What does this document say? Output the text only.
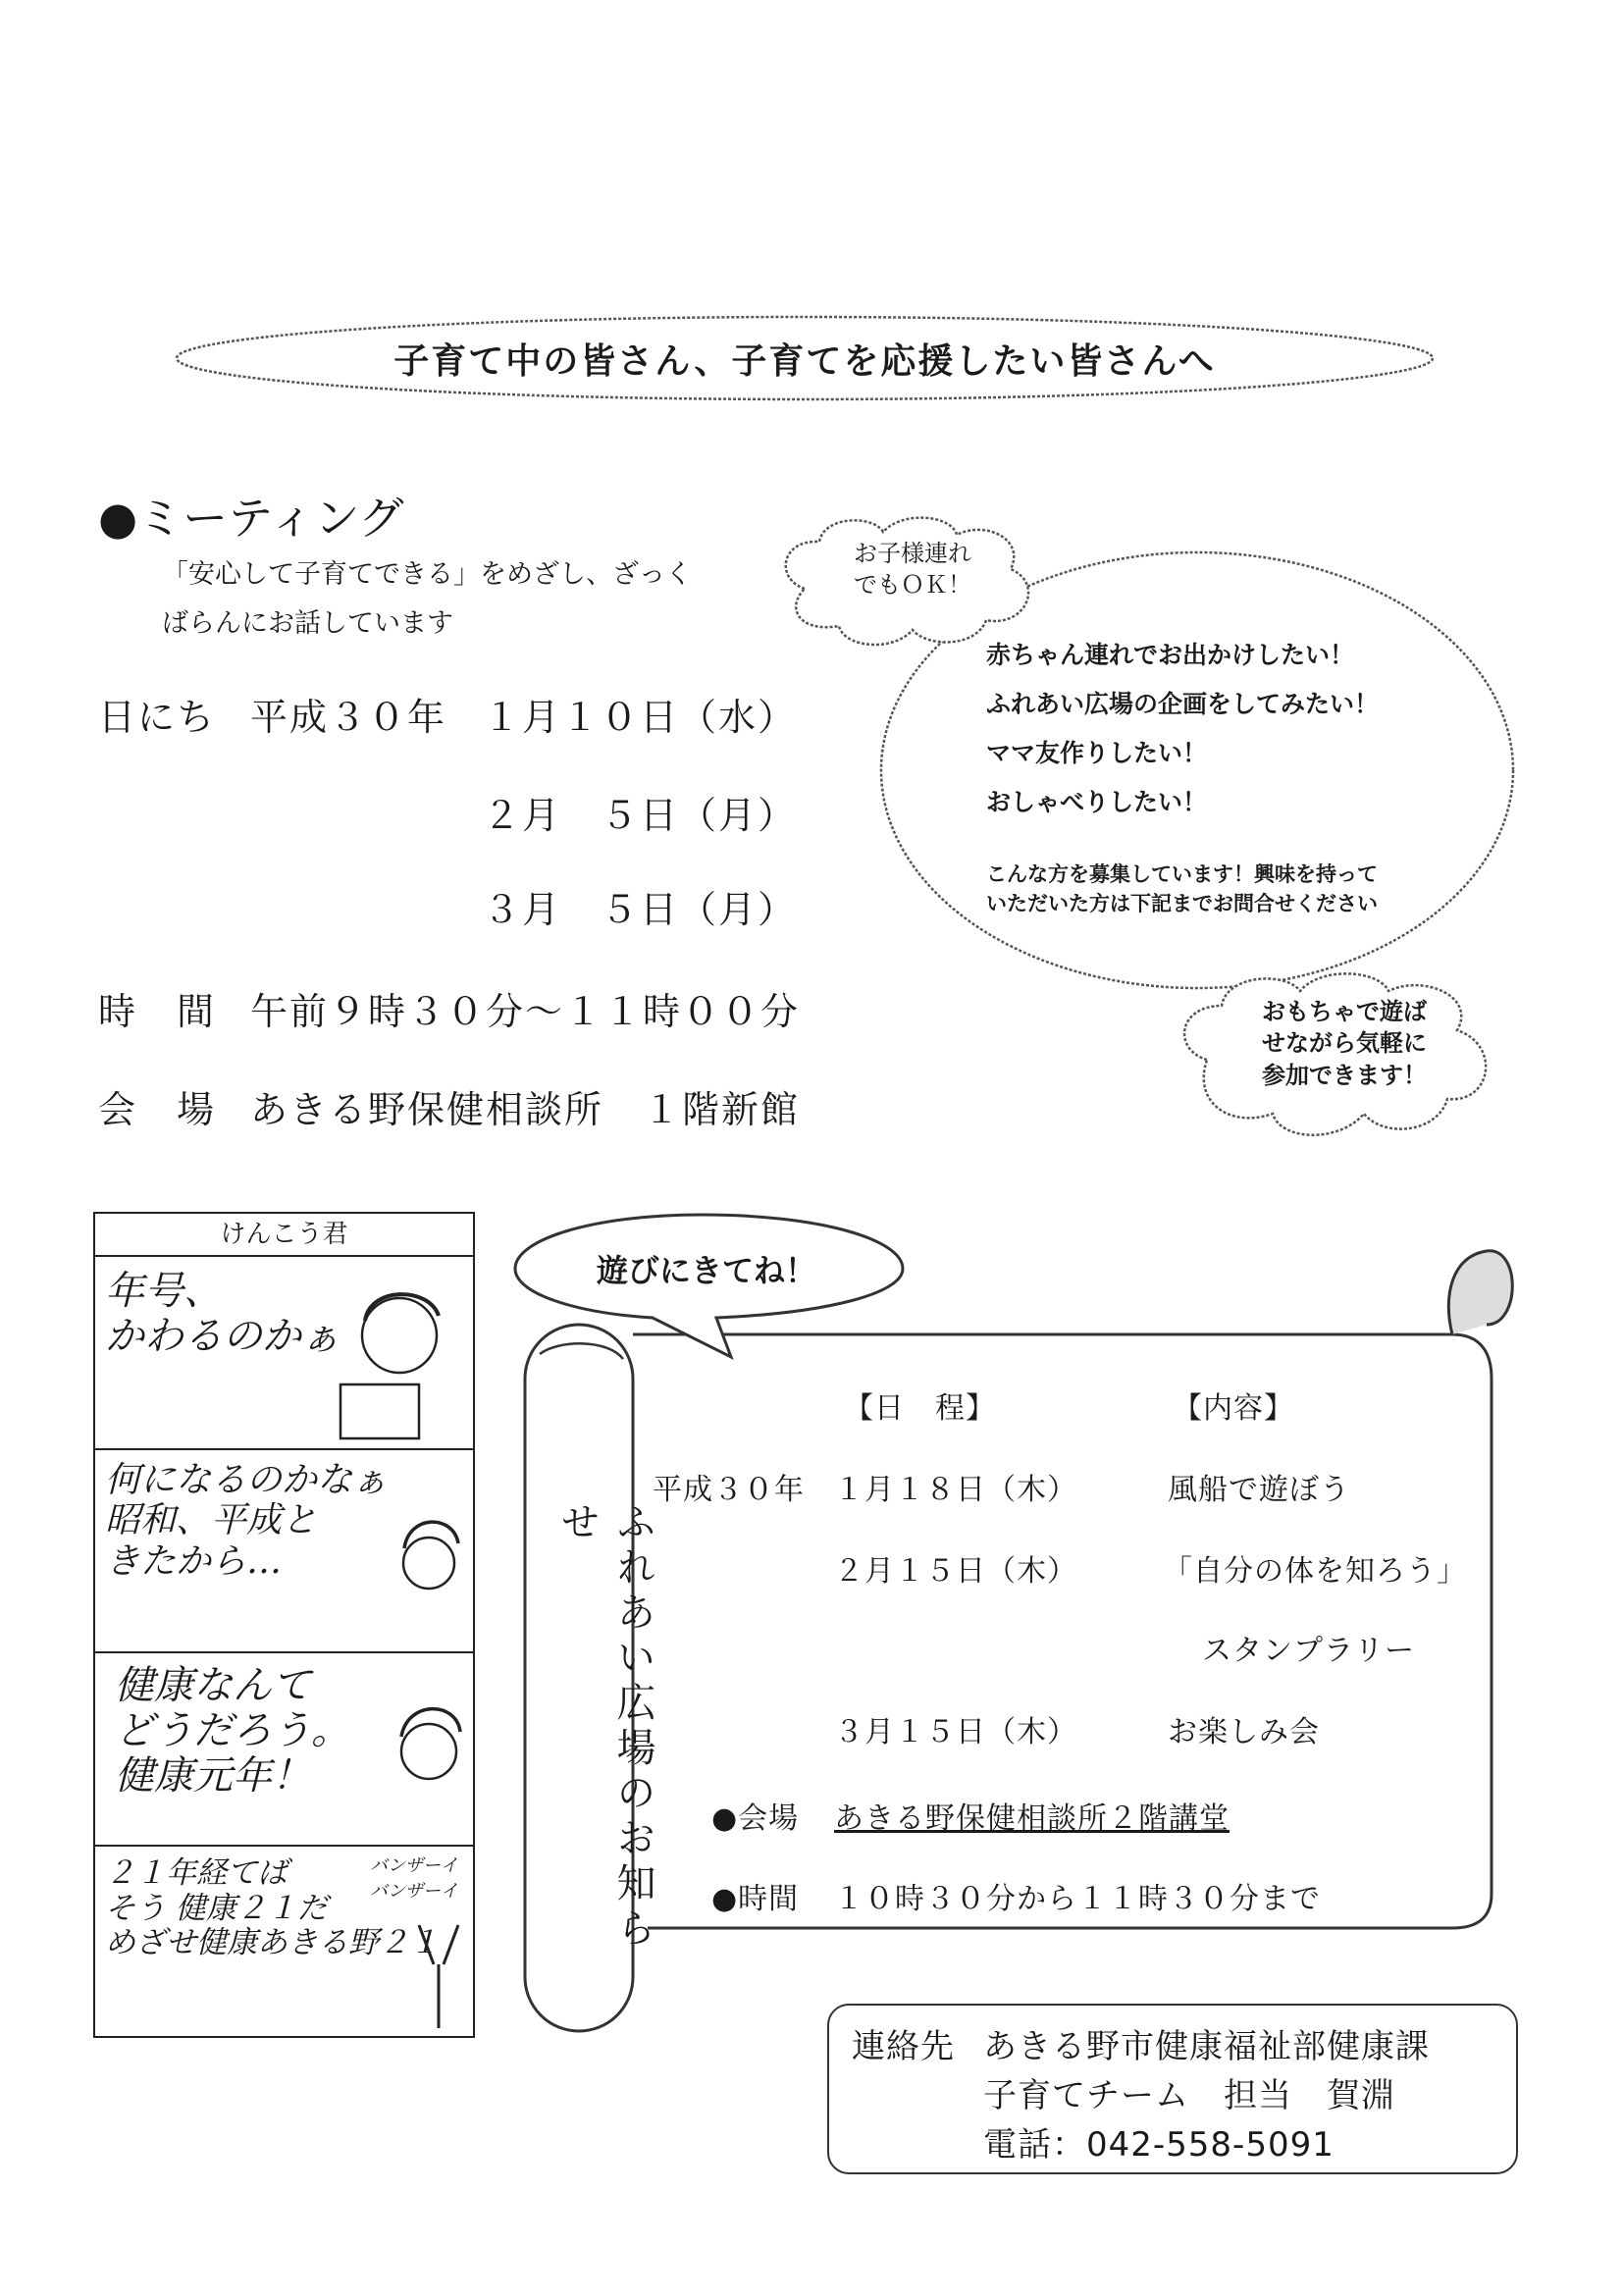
子育て中の皆さん、子育てを応援したい皆さんへ
●ミーティング
「安心して子育てできる」をめざし、ざっく
ばらんにお話しています
日にち 平成３０年 １月１０日（水）
２月　５日（月）
３月　５日（月）
時　間 午前９時３０分～１１時００分
会　場 あきる野保健相談所　１階新館
赤ちゃん連れでお出かけしたい！
ふれあい広場の企画をしてみたい！
ママ友作りしたい！
おしゃべりしたい！
こんな方を募集しています！興味を持って
いただいた方は下記までお問合せください
お子様連れ
でもＯＫ！
おもちゃで遊ば
せながら気軽に
参加できます！
けんこう君
年号、
かわるのかぁ
何になるのかなぁ
昭和、平成と
きたから…
健康なんて
どうだろう。
健康元年！
２１年経てば
そう 健康２１だ
めざせ健康あきる野２１
バンザーイ
バンザーイ
遊びにきてね！
ふれあい広場のお知らせ
【日　程】	【内容】
平成３０年 １月１８日（木）	風船で遊ぼう
２月１５日（木）	「自分の体を知ろう」
スタンプラリー
３月１５日（木）	お楽しみ会
●会場 あきる野保健相談所２階講堂
●時間 １０時３０分から１１時３０分まで
連絡先 あきる野市健康福祉部健康課
子育てチーム　担当　賀淵
電話：042-558-5091
